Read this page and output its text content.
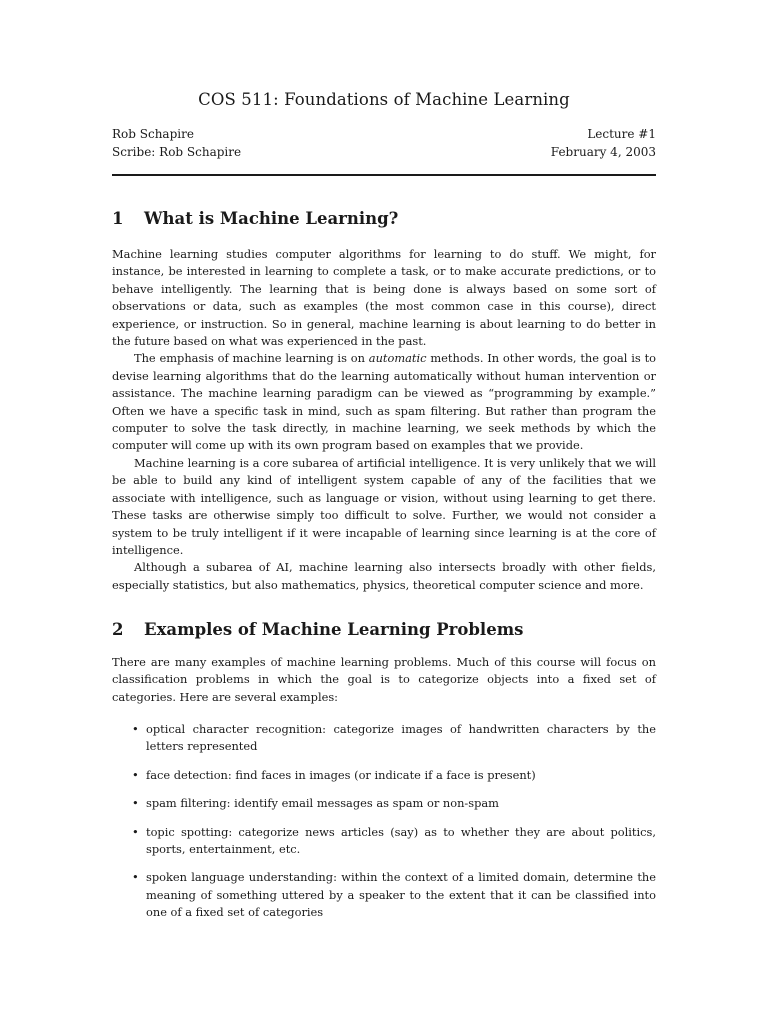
COS 511: Foundations of Machine Learning
Rob Schapire	Lecture #1
Scribe: Rob Schapire	February 4, 2003
1 What is Machine Learning?

Machine learning studies computer algorithms for learning to do stuff. We might, for instance, be interested in learning to complete a task, or to make accurate predictions, or to behave intelligently. The learning that is being done is always based on some sort of observations or data, such as examples (the most common case in this course), direct experience, or instruction. So in general, machine learning is about learning to do better in the future based on what was experienced in the past.

The emphasis of machine learning is on automatic methods. In other words, the goal is to devise learning algorithms that do the learning automatically without human intervention or assistance. The machine learning paradigm can be viewed as “programming by example.” Often we have a specific task in mind, such as spam filtering. But rather than program the computer to solve the task directly, in machine learning, we seek methods by which the computer will come up with its own program based on examples that we provide.

Machine learning is a core subarea of artificial intelligence. It is very unlikely that we will be able to build any kind of intelligent system capable of any of the facilities that we associate with intelligence, such as language or vision, without using learning to get there. These tasks are otherwise simply too difficult to solve. Further, we would not consider a system to be truly intelligent if it were incapable of learning since learning is at the core of intelligence.

Although a subarea of AI, machine learning also intersects broadly with other fields, especially statistics, but also mathematics, physics, theoretical computer science and more.

2 Examples of Machine Learning Problems

There are many examples of machine learning problems. Much of this course will focus on classification problems in which the goal is to categorize objects into a fixed set of categories. Here are several examples:

• optical character recognition: categorize images of handwritten characters by the letters represented
• face detection: find faces in images (or indicate if a face is present)
• spam filtering: identify email messages as spam or non-spam
• topic spotting: categorize news articles (say) as to whether they are about politics, sports, entertainment, etc.
• spoken language understanding: within the context of a limited domain, determine the meaning of something uttered by a speaker to the extent that it can be classified into one of a fixed set of categories
